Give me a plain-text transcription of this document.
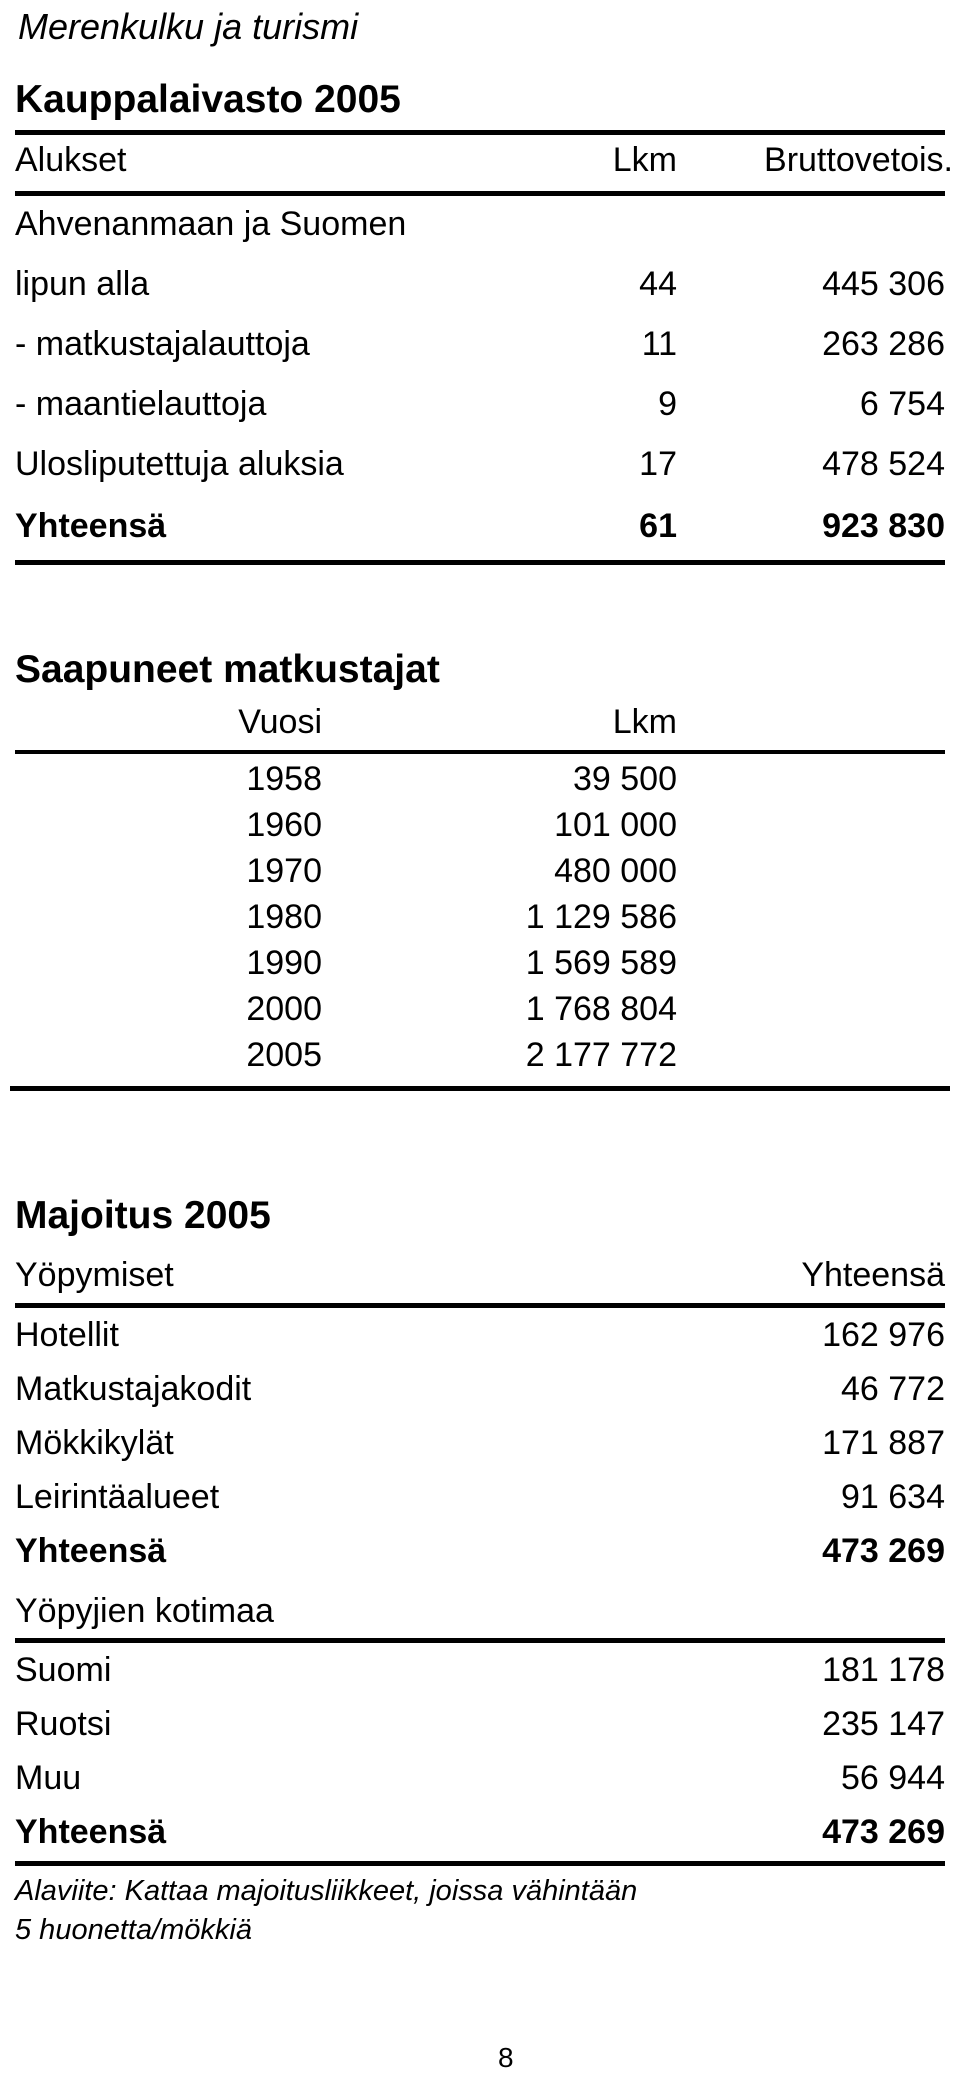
Merenkulku ja turismi
Kauppalaivasto 2005
Alukset	Lkm	Bruttovetois.
Ahvenanmaan ja Suomen
lipun alla	44	445 306
- matkustajalauttoja	11	263 286
- maantielauttoja	9	6 754
Ulosliputettuja aluksia	17	478 524
Yhteensä	61	923 830
Saapuneet matkustajat
Vuosi	Lkm
1958	39 500
1960	101 000
1970	480 000
1980	1 129 586
1990	1 569 589
2000	1 768 804
2005	2 177 772
Majoitus 2005
Yöpymiset	Yhteensä
Hotellit	162 976
Matkustajakodit	46 772
Mökkikylät	171 887
Leirintäalueet	91 634
Yhteensä	473 269
Yöpyjien kotimaa
Suomi	181 178
Ruotsi	235 147
Muu	56 944
Yhteensä	473 269
Alaviite: Kattaa majoitusliikkeet, joissa vähintään
5 huonetta/mökkiä
8
